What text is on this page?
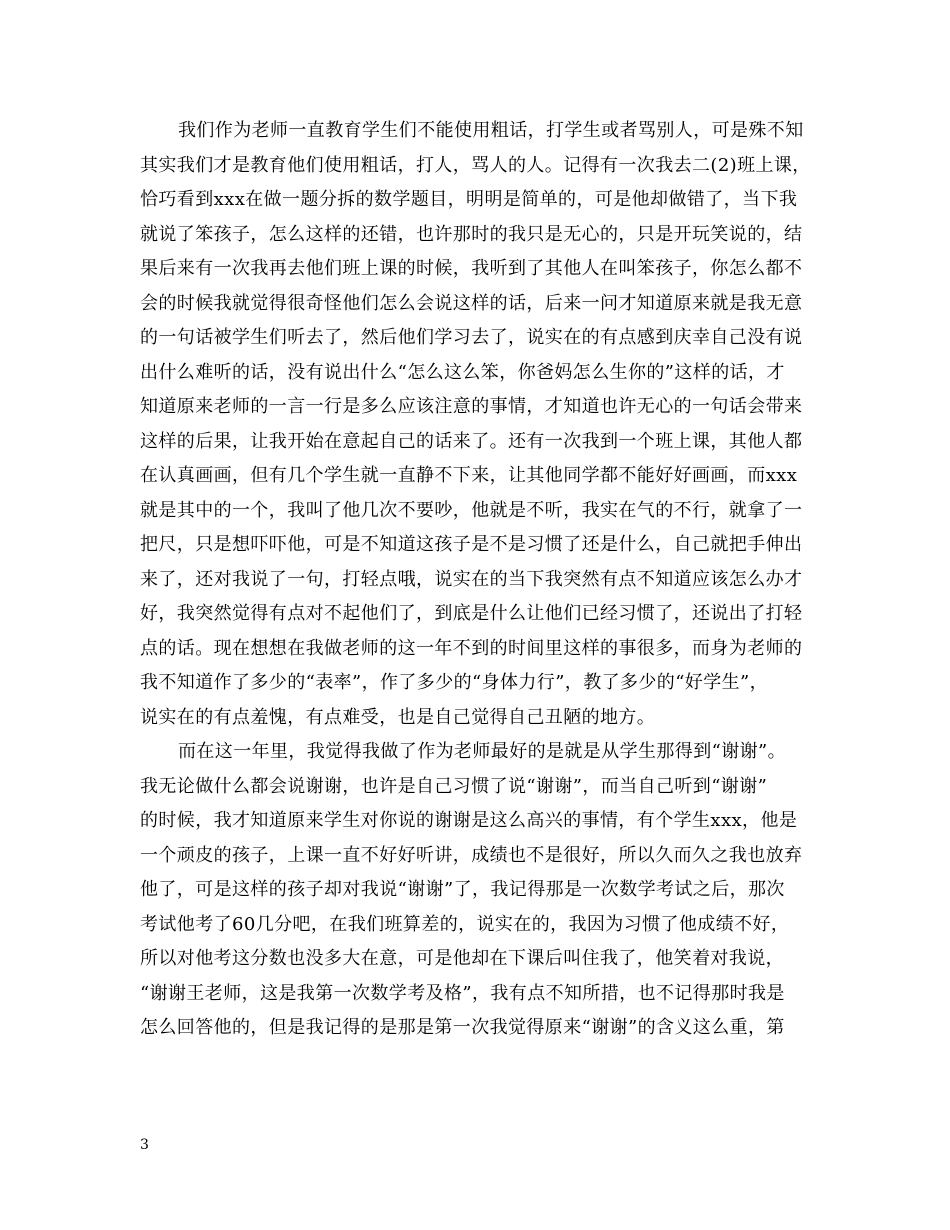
我们作为老师一直教育学生们不能使用粗话，打学生或者骂别人，可是殊不知
其实我们才是教育他们使用粗话，打人，骂人的人。记得有一次我去二(2)班上课，
恰巧看到xxx在做一题分拆的数学题目，明明是简单的，可是他却做错了，当下我
就说了笨孩子，怎么这样的还错，也许那时的我只是无心的，只是开玩笑说的，结
果后来有一次我再去他们班上课的时候，我听到了其他人在叫笨孩子，你怎么都不
会的时候我就觉得很奇怪他们怎么会说这样的话，后来一问才知道原来就是我无意
的一句话被学生们听去了，然后他们学习去了，说实在的有点感到庆幸自己没有说
出什么难听的话，没有说出什么“怎么这么笨，你爸妈怎么生你的”这样的话，才
知道原来老师的一言一行是多么应该注意的事情，才知道也许无心的一句话会带来
这样的后果，让我开始在意起自己的话来了。还有一次我到一个班上课，其他人都
在认真画画，但有几个学生就一直静不下来，让其他同学都不能好好画画，而xxx
就是其中的一个，我叫了他几次不要吵，他就是不听，我实在气的不行，就拿了一
把尺，只是想吓吓他，可是不知道这孩子是不是习惯了还是什么，自己就把手伸出
来了，还对我说了一句，打轻点哦，说实在的当下我突然有点不知道应该怎么办才
好，我突然觉得有点对不起他们了，到底是什么让他们已经习惯了，还说出了打轻
点的话。现在想想在我做老师的这一年不到的时间里这样的事很多，而身为老师的
我不知道作了多少的“表率”，作了多少的“身体力行”，教了多少的“好学生”，
说实在的有点羞愧，有点难受，也是自己觉得自己丑陋的地方。
而在这一年里，我觉得我做了作为老师最好的是就是从学生那得到“谢谢”。
我无论做什么都会说谢谢，也许是自己习惯了说“谢谢”，而当自己听到“谢谢”
的时候，我才知道原来学生对你说的谢谢是这么高兴的事情，有个学生xxx，他是
一个顽皮的孩子，上课一直不好好听讲，成绩也不是很好，所以久而久之我也放弃
他了，可是这样的孩子却对我说“谢谢”了，我记得那是一次数学考试之后，那次
考试他考了60几分吧，在我们班算差的，说实在的，我因为习惯了他成绩不好，
所以对他考这分数也没多大在意，可是他却在下课后叫住我了，他笑着对我说，
“谢谢王老师，这是我第一次数学考及格”，我有点不知所措，也不记得那时我是
怎么回答他的，但是我记得的是那是第一次我觉得原来“谢谢”的含义这么重，第
3
